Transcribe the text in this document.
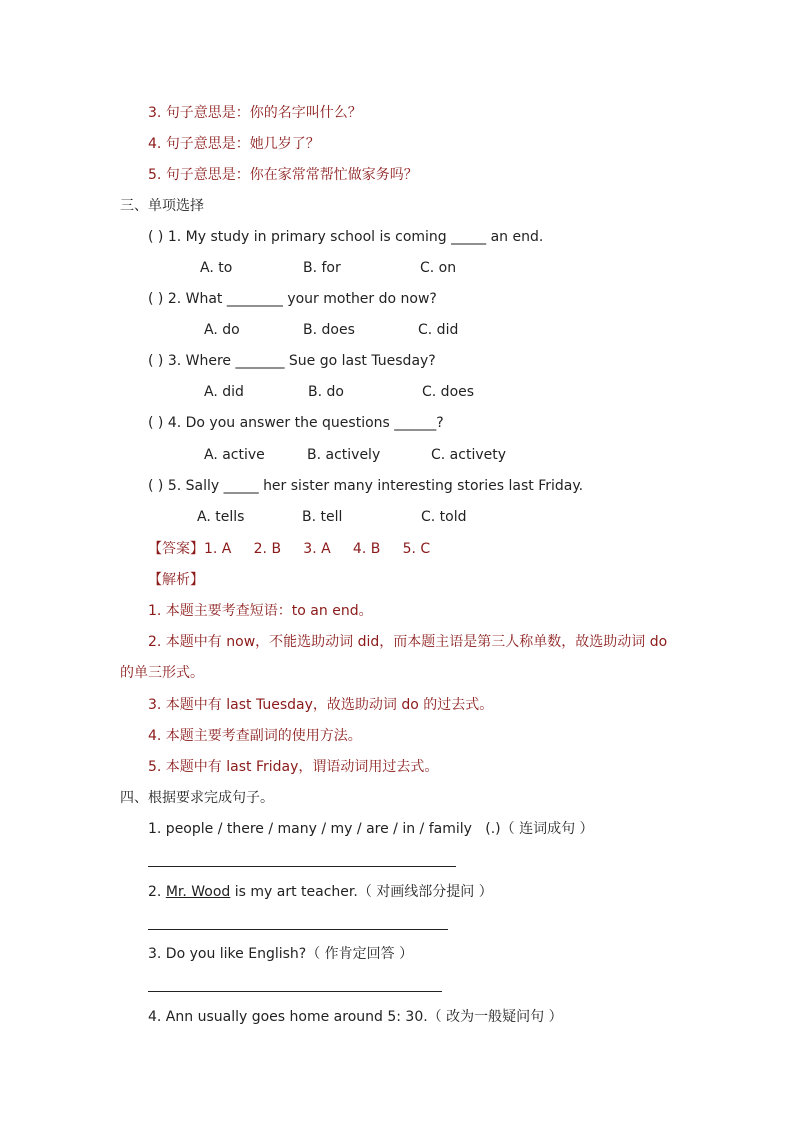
3. 句子意思是：你的名字叫什么？
4. 句子意思是：她几岁了？
5. 句子意思是：你在家常常帮忙做家务吗？
三、单项选择
( ) 1. My study in primary school is coming _____ an end.
A. to	B. for	C. on
( ) 2. What ________ your mother do now?
A. do	B. does	C. did
( ) 3. Where _______ Sue go last Tuesday?
A. did	B. do	C. does
( ) 4. Do you answer the questions ______?
A. active	B. actively	C. activety
( ) 5. Sally _____ her sister many interesting stories last Friday.
A. tells	B. tell	C. told
【答案】1. A     2. B     3. A     4. B     5. C
【解析】
1. 本题主要考查短语：to an end。
2. 本题中有 now，不能选助动词 did，而本题主语是第三人称单数，故选助动词 do
的单三形式。
3. 本题中有 last Tuesday，故选助动词 do 的过去式。
4. 本题主要考查副词的使用方法。
5. 本题中有 last Friday，谓语动词用过去式。
四、根据要求完成句子。
1. people / there / many / my / are / in / family   (.)（ 连词成句 ）
2. Mr. Wood is my art teacher.（ 对画线部分提问 ）
3. Do you like English?（ 作肯定回答 ）
4. Ann usually goes home around 5: 30.（ 改为一般疑问句 ）
